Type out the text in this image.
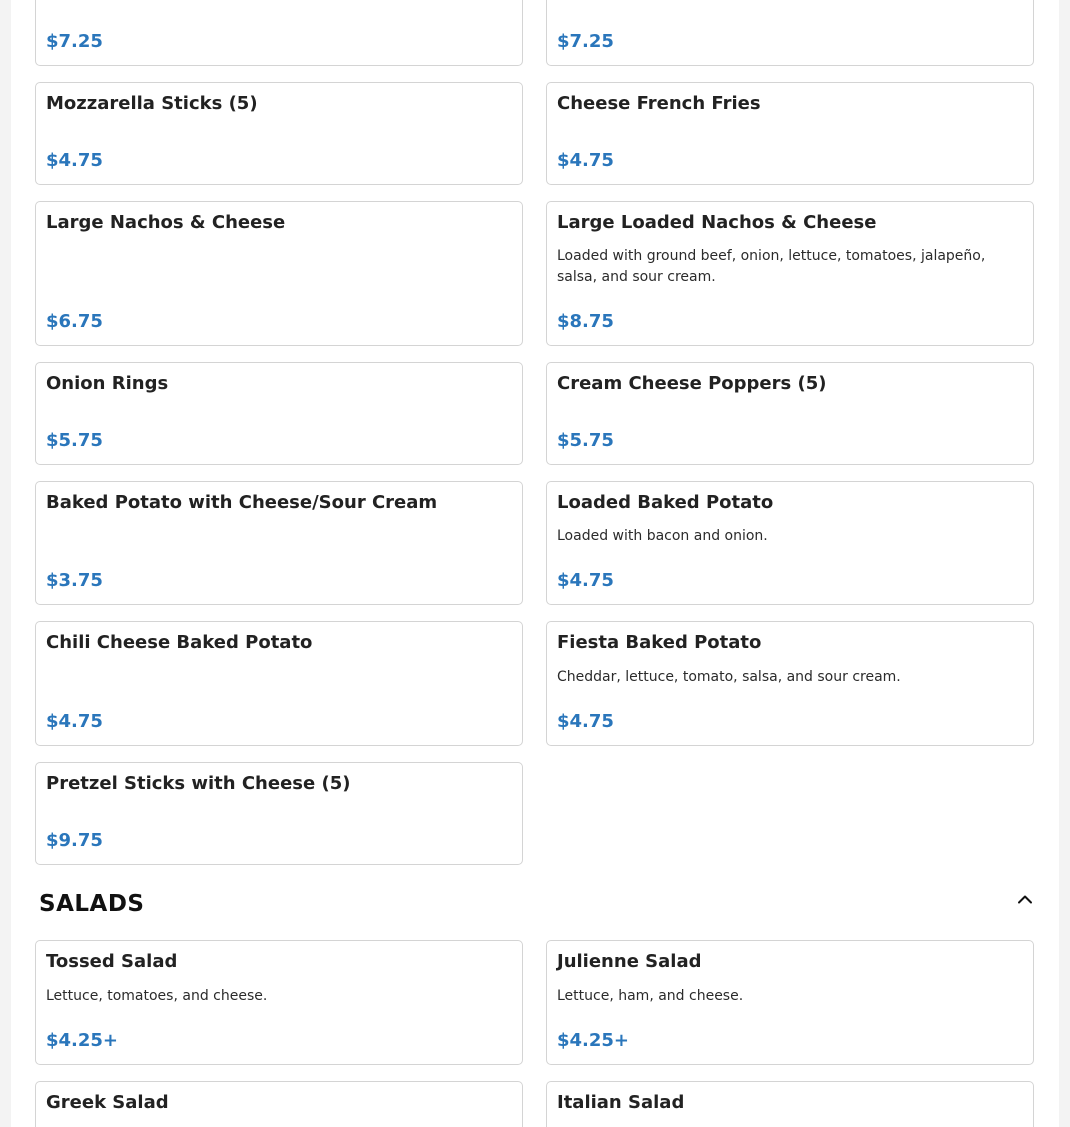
$7.25	$7.25
Mozzarella Sticks (5)
$4.75
Cheese French Fries
$4.75
Large Nachos & Cheese
$6.75
Large Loaded Nachos & Cheese
Loaded with ground beef, onion, lettuce, tomatoes, jalapeño, salsa, and sour cream.
$8.75
Onion Rings
$5.75
Cream Cheese Poppers (5)
$5.75
Baked Potato with Cheese/Sour Cream
$3.75
Loaded Baked Potato
Loaded with bacon and onion.
$4.75
Chili Cheese Baked Potato
$4.75
Fiesta Baked Potato
Cheddar, lettuce, tomato, salsa, and sour cream.
$4.75
Pretzel Sticks with Cheese (5)
$9.75
SALADS
Tossed Salad
Lettuce, tomatoes, and cheese.
$4.25+
Julienne Salad
Lettuce, ham, and cheese.
$4.25+
Greek Salad	Italian Salad
